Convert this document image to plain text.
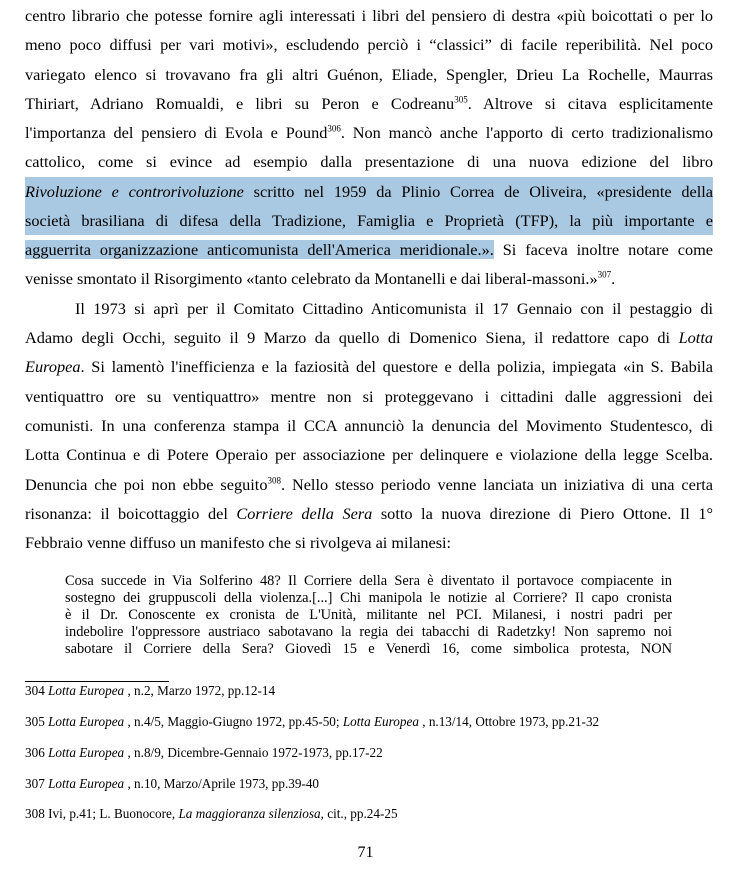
centro librario che potesse fornire agli interessati i libri del pensiero di destra «più boicottati o per lo
meno poco diffusi per vari motivi», escludendo perciò i “classici” di facile reperibilità. Nel poco
variegato elenco si trovavano fra gli altri Guénon, Eliade, Spengler, Drieu La Rochelle, Maurras
Thiriart, Adriano Romualdi, e libri su Peron e Codreanu$^{305}$. Altrove si citava esplicitamente
l'importanza del pensiero di Evola e Pound$^{306}$. Non mancò anche l'apporto di certo tradizionalismo
cattolico, come si evince ad esempio dalla presentazione di una nuova edizione del libro
Rivoluzione e controrivoluzione scritto nel 1959 da Plinio Correa de Oliveira, «presidente della
società brasiliana di difesa della Tradizione, Famiglia e Proprietà (TFP), la più importante e
agguerrita organizzazione anticomunista dell'America meridionale.». Si faceva inoltre notare come
venisse smontato il Risorgimento «tanto celebrato da Montanelli e dai liberal-massoni.»$^{307}$.
Il 1973 si aprì per il Comitato Cittadino Anticomunista il 17 Gennaio con il pestaggio di
Adamo degli Occhi, seguito il 9 Marzo da quello di Domenico Siena, il redattore capo di Lotta
Europea. Si lamentò l'inefficienza e la faziosità del questore e della polizia, impiegata «in S. Babila
ventiquattro ore su ventiquattro» mentre non si proteggevano i cittadini dalle aggressioni dei
comunisti. In una conferenza stampa il CCA annunciò la denuncia del Movimento Studentesco, di
Lotta Continua e di Potere Operaio per associazione per delinquere e violazione della legge Scelba.
Denuncia che poi non ebbe seguito$^{308}$. Nello stesso periodo venne lanciata un iniziativa di una certa
risonanza: il boicottaggio del Corriere della Sera sotto la nuova direzione di Piero Ottone. Il 1°
Febbraio venne diffuso un manifesto che si rivolgeva ai milanesi:
Cosa succede in Via Solferino 48? Il Corriere della Sera è diventato il portavoce compiacente in
sostegno dei gruppuscoli della violenza.[...] Chi manipola le notizie al Corriere? Il capo cronista
è il Dr. Conoscente ex cronista de L'Unità, militante nel PCI. Milanesi, i nostri padri per
indebolire l'oppressore austriaco sabotavano la regia dei tabacchi di Radetzky! Non sapremo noi
sabotare il Corriere della Sera? Giovedì 15 e Venerdì 16, come simbolica protesta, NON
304 Lotta Europea , n.2, Marzo 1972, pp.12-14
305 Lotta Europea , n.4/5, Maggio-Giugno 1972, pp.45-50; Lotta Europea , n.13/14, Ottobre 1973, pp.21-32
306 Lotta Europea , n.8/9, Dicembre-Gennaio 1972-1973, pp.17-22
307 Lotta Europea , n.10, Marzo/Aprile 1973, pp.39-40
308 Ivi, p.41; L. Buonocore, La maggioranza silenziosa, cit., pp.24-25
71
